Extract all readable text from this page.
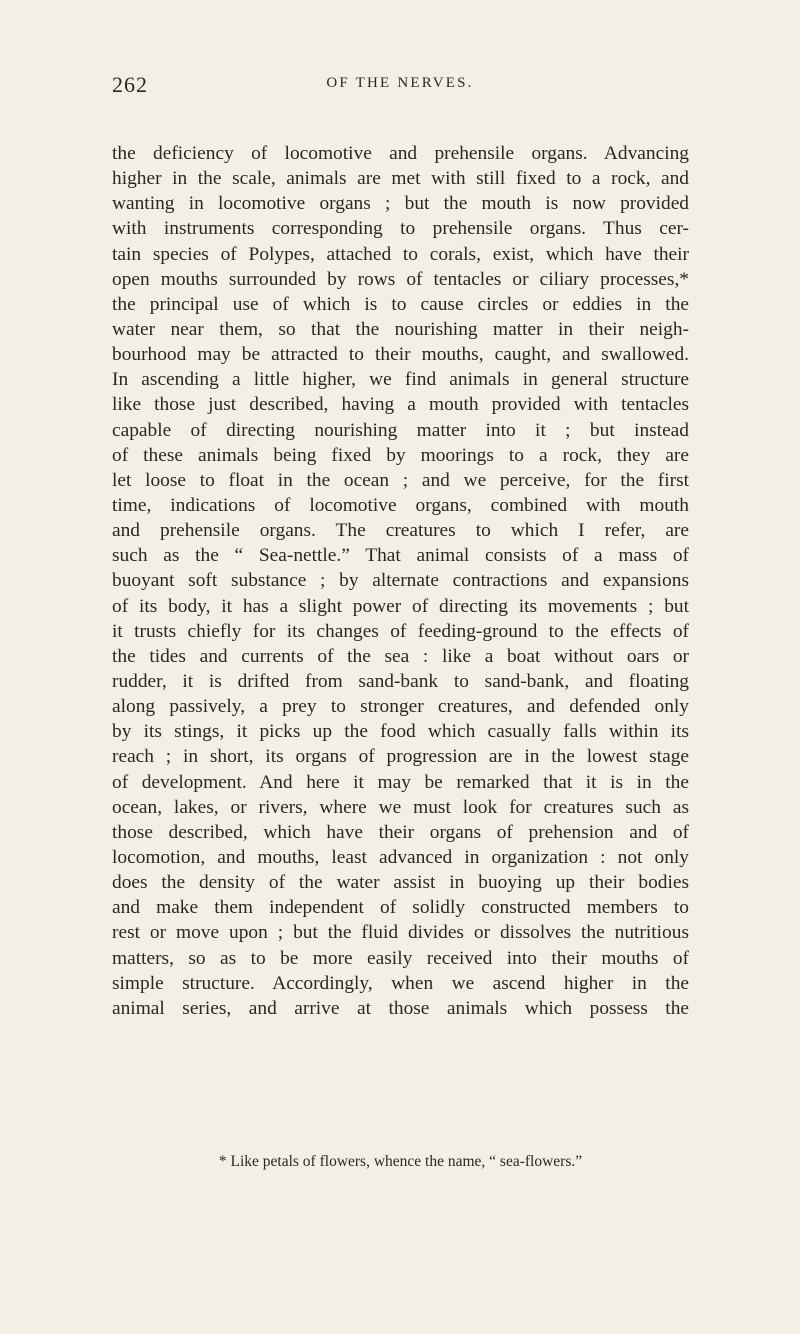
262	OF THE NERVES.
the deficiency of locomotive and prehensile organs. Advancing
higher in the scale, animals are met with still fixed to a rock, and
wanting in locomotive organs ; but the mouth is now provided
with instruments corresponding to prehensile organs. Thus cer-
tain species of Polypes, attached to corals, exist, which have their
open mouths surrounded by rows of tentacles or ciliary processes,*
the principal use of which is to cause circles or eddies in the
water near them, so that the nourishing matter in their neigh-
bourhood may be attracted to their mouths, caught, and swallowed.
In ascending a little higher, we find animals in general structure
like those just described, having a mouth provided with tentacles
capable of directing nourishing matter into it ; but instead
of these animals being fixed by moorings to a rock, they are
let loose to float in the ocean ; and we perceive, for the first
time, indications of locomotive organs, combined with mouth
and prehensile organs. The creatures to which I refer, are
such as the “ Sea-nettle.” That animal consists of a mass of
buoyant soft substance ; by alternate contractions and expansions
of its body, it has a slight power of directing its movements ; but
it trusts chiefly for its changes of feeding-ground to the effects of
the tides and currents of the sea : like a boat without oars or
rudder, it is drifted from sand-bank to sand-bank, and floating
along passively, a prey to stronger creatures, and defended only
by its stings, it picks up the food which casually falls within its
reach ; in short, its organs of progression are in the lowest stage
of development. And here it may be remarked that it is in the
ocean, lakes, or rivers, where we must look for creatures such as
those described, which have their organs of prehension and of
locomotion, and mouths, least advanced in organization : not only
does the density of the water assist in buoying up their bodies
and make them independent of solidly constructed members to
rest or move upon ; but the fluid divides or dissolves the nutritious
matters, so as to be more easily received into their mouths of
simple structure. Accordingly, when we ascend higher in the
animal series, and arrive at those animals which possess the
* Like petals of flowers, whence the name, “ sea-flowers.”
